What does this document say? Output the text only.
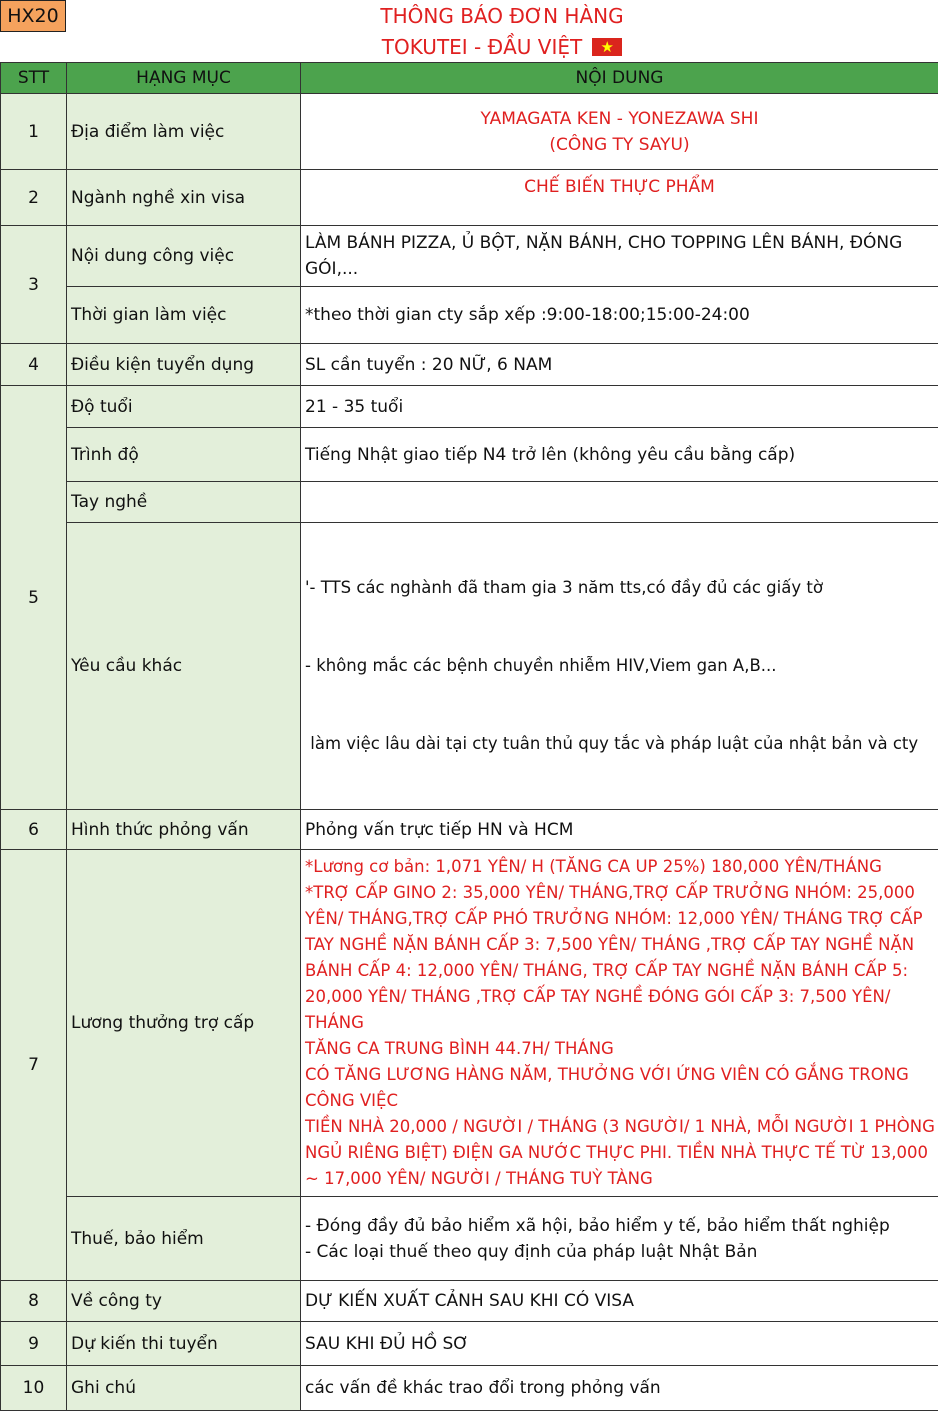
HX20	THÔNG BÁO ĐƠN HÀNG
TOKUTEI - ĐẦU VIỆT	★
STT	HẠNG MỤC	NỘI DUNG
1	Địa điểm làm việc	YAMAGATA KEN - YONEZAWA SHI
(CÔNG TY SAYU)

2	Ngành nghề xin visa	CHẾ BIẾN THỰC PHẨM
3	Nội dung công việc	LÀM BÁNH PIZZA, Ủ BỘT, NẶN BÁNH, CHO TOPPING LÊN BÁNH, ĐÓNG GÓI,...
	Thời gian làm việc	*theo thời gian cty sắp xếp :9:00-18:00;15:00-24:00
4	Điều kiện tuyển dụng	SL cần tuyển : 20 NỮ, 6 NAM
5	Độ tuổi	21 - 35 tuổi
	Trình độ	Tiếng Nhật giao tiếp N4 trở lên (không yêu cầu bằng cấp)
	Tay nghề	
	Yêu cầu khác	'- TTS các nghành đã tham gia 3 năm tts,có đầy đủ các giấy tờ

- không mắc các bệnh chuyền nhiễm HIV,Viem gan A,B...

làm việc lâu dài tại cty tuân thủ quy tắc và pháp luật của nhật bản và cty

6	Hình thức phỏng vấn	Phỏng vấn trực tiếp HN và HCM
7	Lương thưởng trợ cấp	*Lương cơ bản: 1,071 YÊN/ H (TĂNG CA UP 25%) 180,000 YÊN/THÁNG
*TRỢ CẤP GINO 2: 35,000 YÊN/ THÁNG,TRỢ CẤP TRƯỞNG NHÓM: 25,000 YÊN/ THÁNG,TRỢ CẤP PHÓ TRƯỞNG NHÓM: 12,000 YÊN/ THÁNG TRỢ CẤP TAY NGHỀ NẶN BÁNH CẤP 3: 7,500 YÊN/ THÁNG ,TRỢ CẤP TAY NGHỀ NẶN BÁNH CẤP 4: 12,000 YÊN/ THÁNG, TRỢ CẤP TAY NGHỀ NẶN BÁNH CẤP 5: 20,000 YÊN/ THÁNG ,TRỢ CẤP TAY NGHỀ ĐÓNG GÓI CẤP 3: 7,500 YÊN/ THÁNG
TĂNG CA TRUNG BÌNH 44.7H/ THÁNG
CÓ TĂNG LƯƠNG HÀNG NĂM, THƯỞNG VỚI ỨNG VIÊN CÓ GẮNG TRONG CÔNG VIỆC
TIỀN NHÀ 20,000 / NGƯỜI / THÁNG (3 NGƯỜI/ 1 NHÀ, MỖI NGƯỜI 1 PHÒNG NGỦ RIÊNG BIỆT) ĐIỆN GA NƯỚC THỰC PHI. TIỀN NHÀ THỰC TẾ TỪ 13,000 ~ 17,000 YÊN/ NGƯỜI / THÁNG TUỲ TÀNG

	Thuế, bảo hiểm	- Đóng đầy đủ bảo hiểm xã hội, bảo hiểm y tế, bảo hiểm thất nghiệp
- Các loại thuế theo quy định của pháp luật Nhật Bản

8	Về công ty	DỰ KIẾN XUẤT CẢNH SAU KHI CÓ VISA
9	Dự kiến thi tuyển	SAU KHI ĐỦ HỒ SƠ
10	Ghi chú	các vấn đề khác trao đổi trong phỏng vấn
